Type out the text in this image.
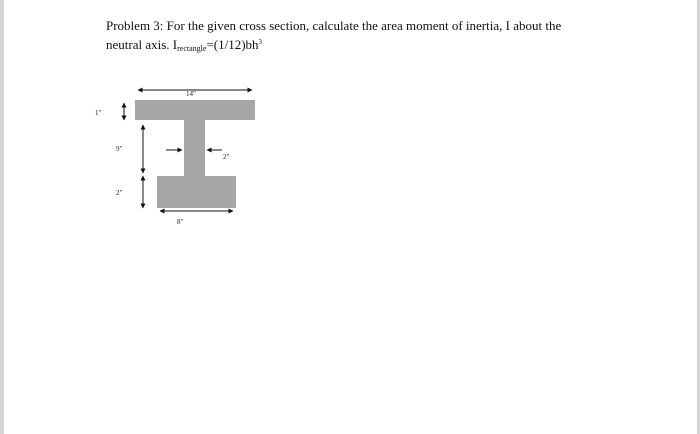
Problem 3: For the given cross section, calculate the area moment of inertia, I about the
neutral axis. $I_{rectangle}=(1/12)bh^3$
14"
1"
9"
2"
2"
8"
